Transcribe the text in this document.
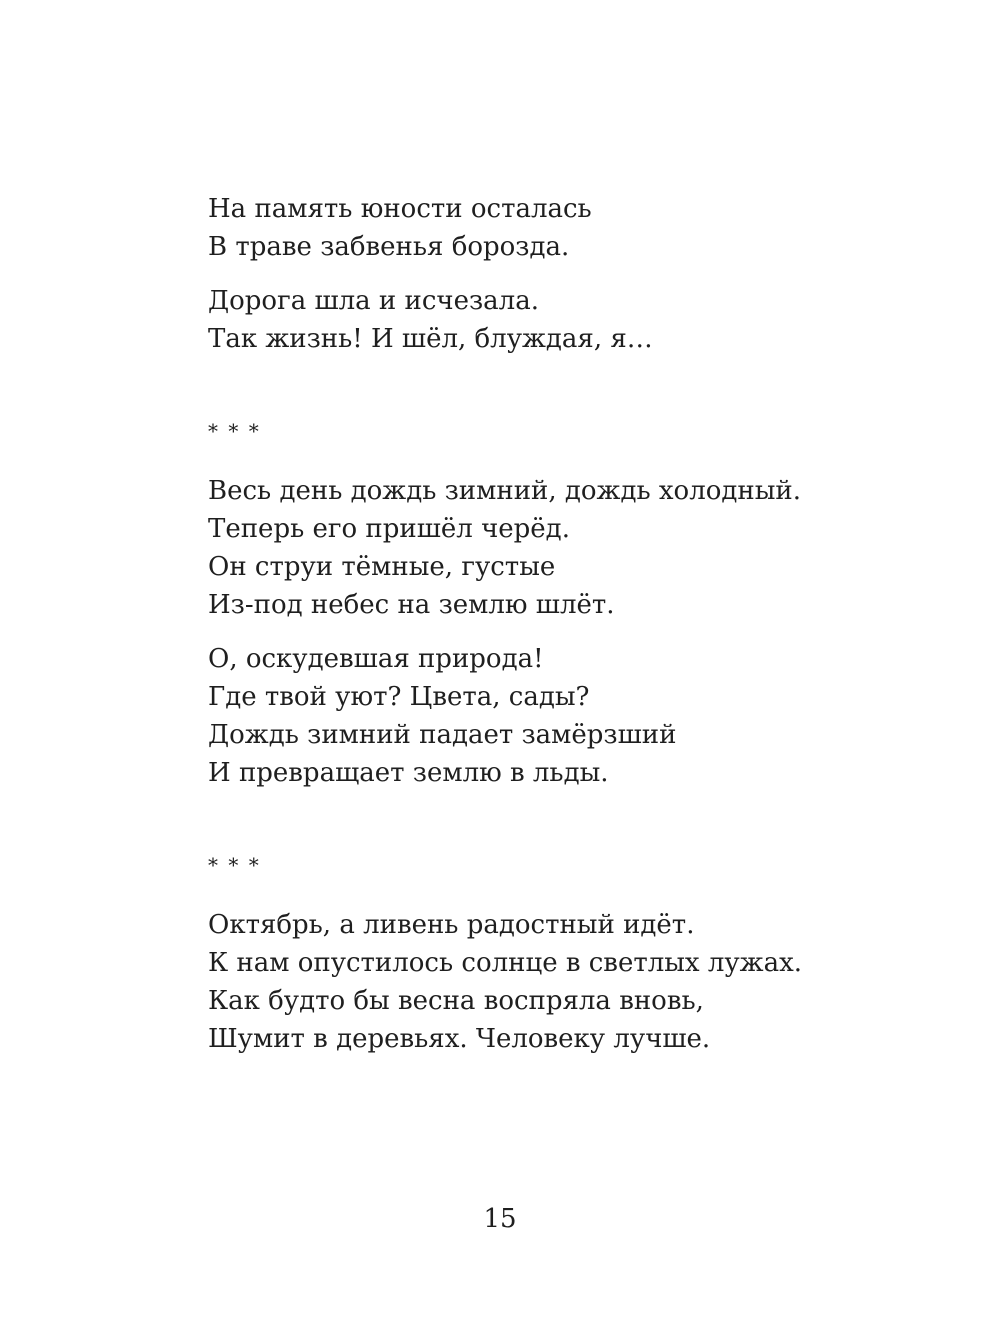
На память юности осталась
В траве забвенья борозда.
Дорога шла и исчезала.
Так жизнь! И шёл, блуждая, я…
* * *
Весь день дождь зимний, дождь холодный.
Теперь его пришёл черёд.
Он струи тёмные, густые
Из-под небес на землю шлёт.
О, оскудевшая природа!
Где твой уют? Цвета, сады?
Дождь зимний падает замёрзший
И превращает землю в льды.
* * *
Октябрь, а ливень радостный идёт.
К нам опустилось солнце в светлых лужах.
Как будто бы весна воспряла вновь,
Шумит в деревьях. Человеку лучше.
15
